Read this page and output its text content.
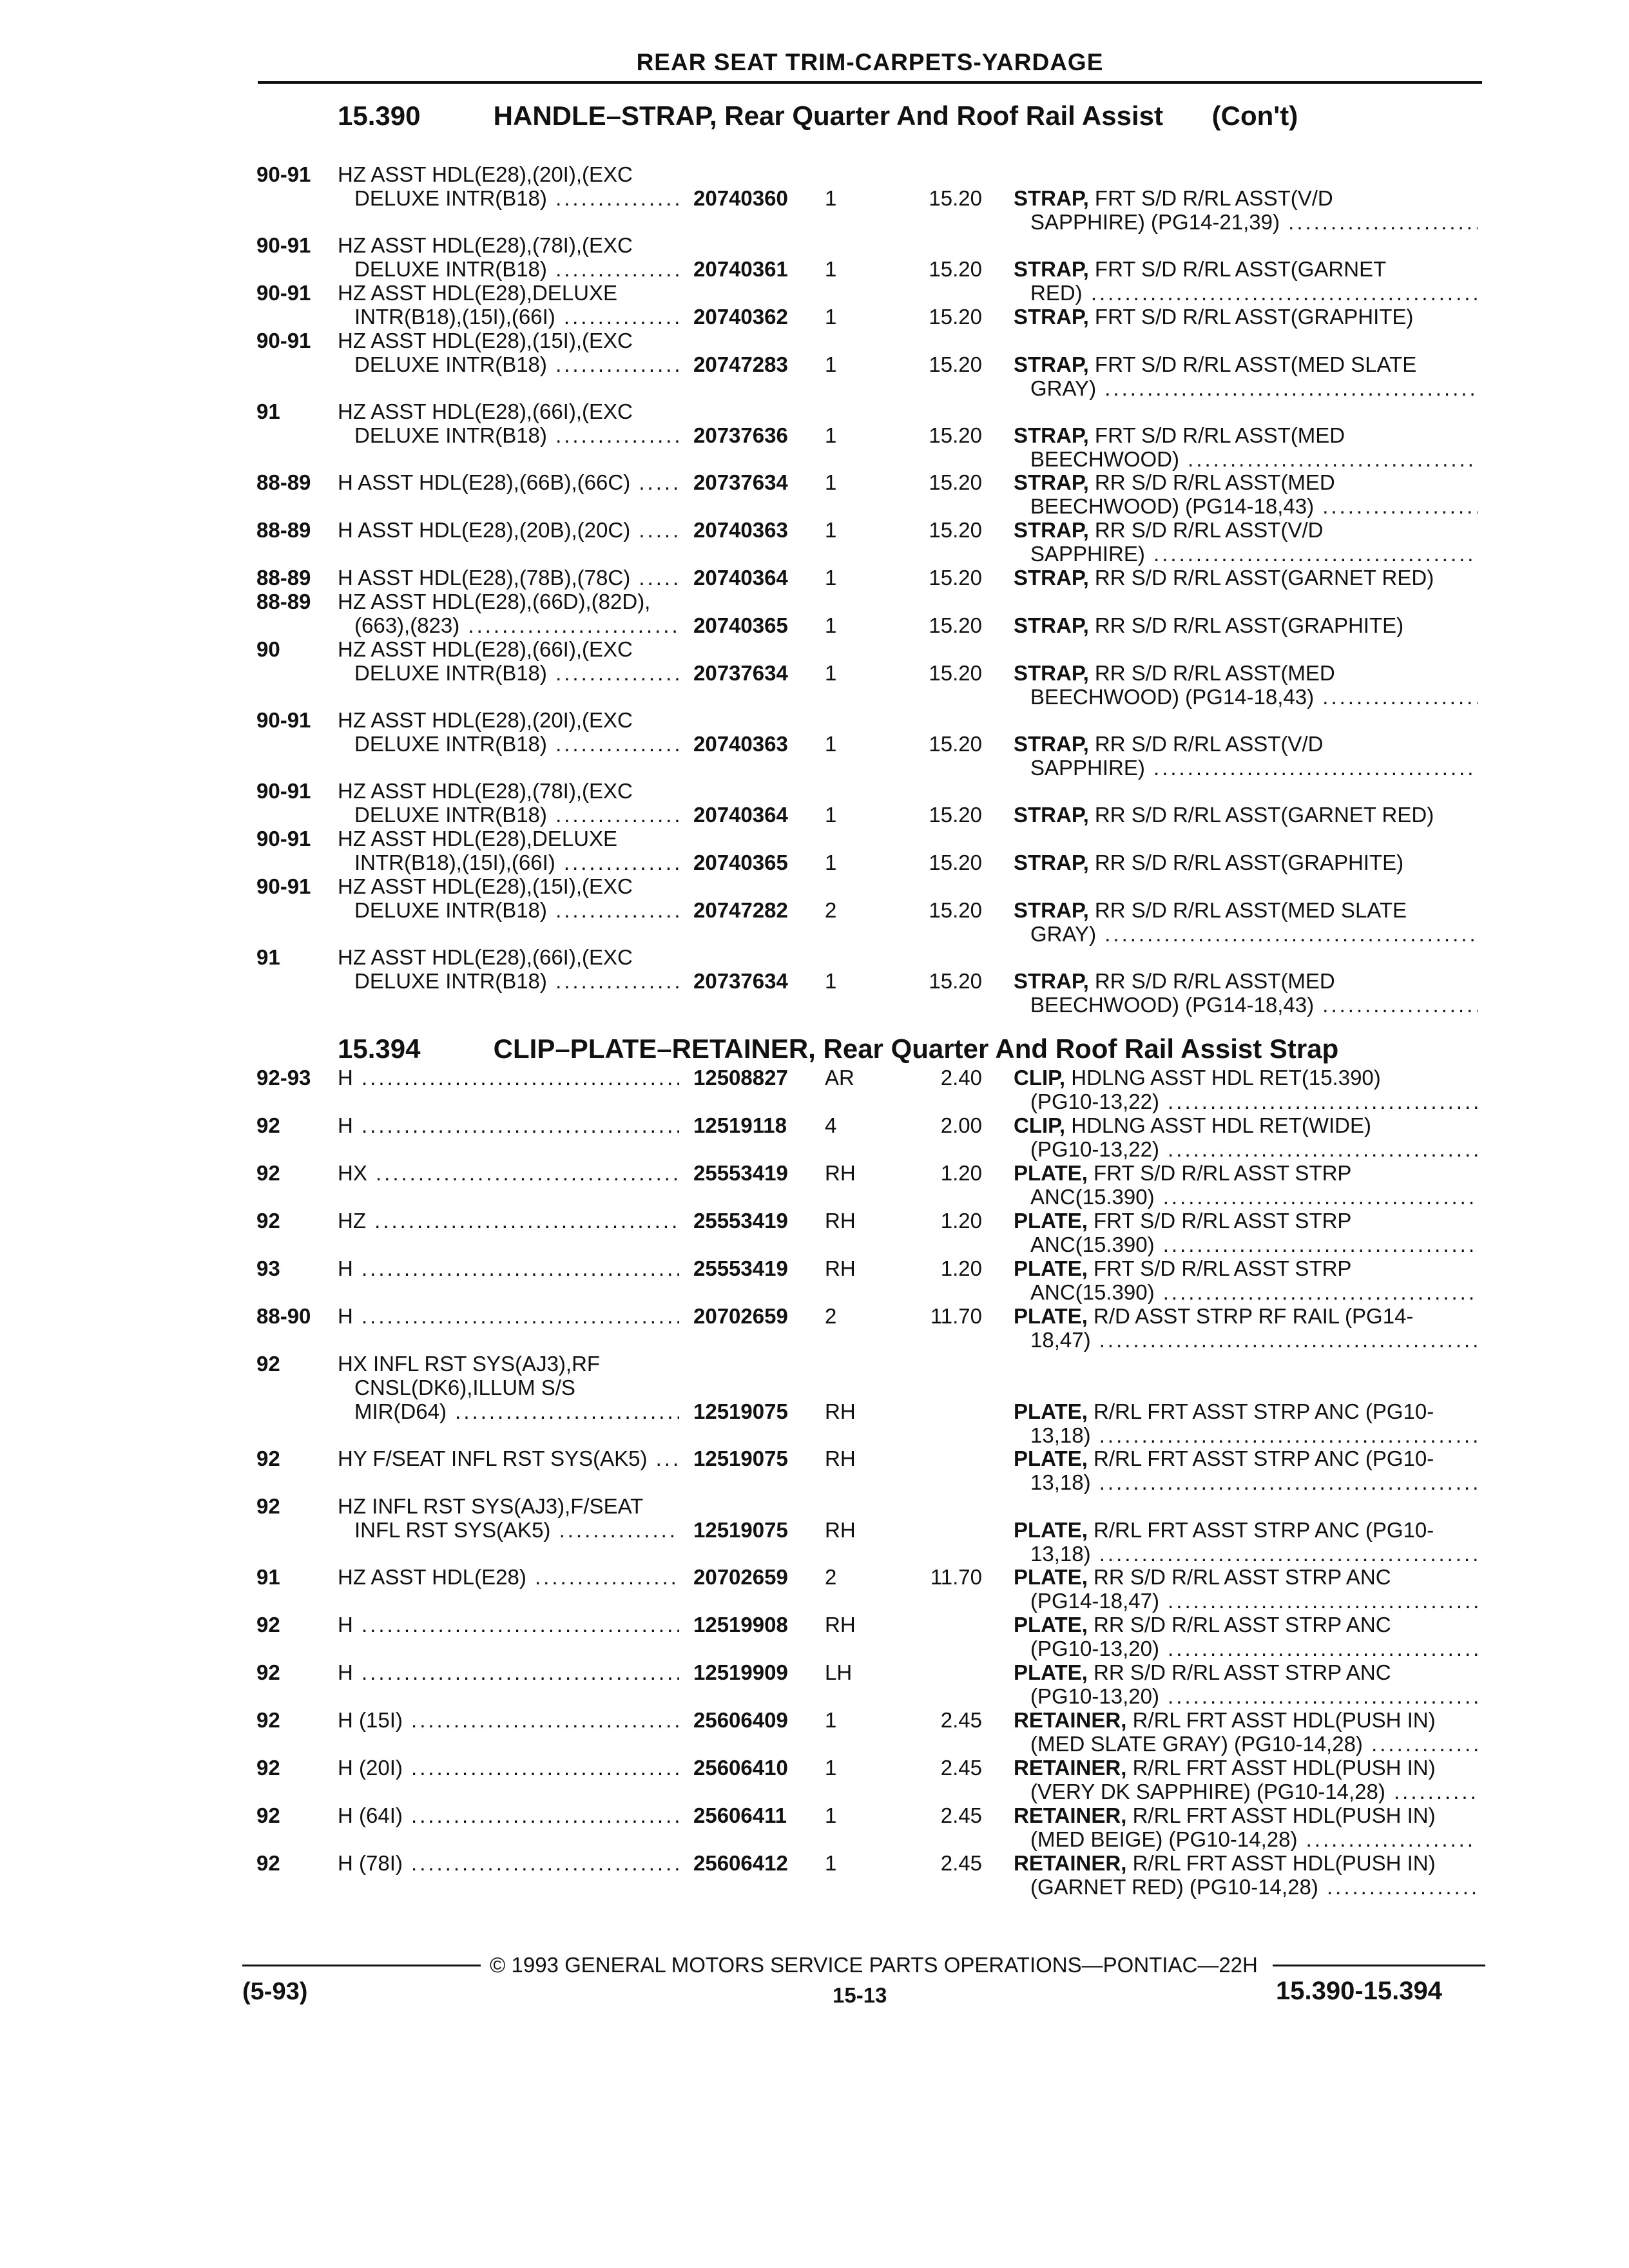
REAR SEAT TRIM-CARPETS-YARDAGE
15.390	HANDLE–STRAP, Rear Quarter And Roof Rail Assist (Con't)
90-91 HZ ASST HDL(E28),(20I),(EXC
DELUXE INTR(B18) .....	20740360 1	15.20 STRAP, FRT S/D R/RL ASST(V/D
SAPPHIRE) (PG14-21,39) .....
90-91 HZ ASST HDL(E28),(78I),(EXC
DELUXE INTR(B18) .....	20740361 1	15.20 STRAP, FRT S/D R/RL ASST(GARNET
RED) .....
90-91 HZ ASST HDL(E28),DELUXE
INTR(B18),(15I),(66I) .....	20740362 1	15.20 STRAP, FRT S/D R/RL ASST(GRAPHITE)
90-91 HZ ASST HDL(E28),(15I),(EXC
DELUXE INTR(B18) .....	20747283 1	15.20 STRAP, FRT S/D R/RL ASST(MED SLATE
GRAY) .....
91	HZ ASST HDL(E28),(66I),(EXC
DELUXE INTR(B18) .....	20737636 1	15.20 STRAP, FRT S/D R/RL ASST(MED
BEECHWOOD) .....
88-89 H ASST HDL(E28),(66B),(66C) .....	20737634 1	15.20 STRAP, RR S/D R/RL ASST(MED
BEECHWOOD) (PG14-18,43) .....
88-89 H ASST HDL(E28),(20B),(20C) .....	20740363 1	15.20 STRAP, RR S/D R/RL ASST(V/D
SAPPHIRE) .....
88-89 H ASST HDL(E28),(78B),(78C) .....	20740364 1	15.20 STRAP, RR S/D R/RL ASST(GARNET RED)
88-89 HZ ASST HDL(E28),(66D),(82D),
(663),(823) .....	20740365 1	15.20 STRAP, RR S/D R/RL ASST(GRAPHITE)
90	HZ ASST HDL(E28),(66I),(EXC
DELUXE INTR(B18) .....	20737634 1	15.20 STRAP, RR S/D R/RL ASST(MED
BEECHWOOD) (PG14-18,43) .....
90-91 HZ ASST HDL(E28),(20I),(EXC
DELUXE INTR(B18) .....	20740363 1	15.20 STRAP, RR S/D R/RL ASST(V/D
SAPPHIRE) .....
90-91 HZ ASST HDL(E28),(78I),(EXC
DELUXE INTR(B18) .....	20740364 1	15.20 STRAP, RR S/D R/RL ASST(GARNET RED)
90-91 HZ ASST HDL(E28),DELUXE
INTR(B18),(15I),(66I) .....	20740365 1	15.20 STRAP, RR S/D R/RL ASST(GRAPHITE)
90-91 HZ ASST HDL(E28),(15I),(EXC
DELUXE INTR(B18) .....	20747282 2	15.20 STRAP, RR S/D R/RL ASST(MED SLATE
GRAY) .....
91	HZ ASST HDL(E28),(66I),(EXC
DELUXE INTR(B18) .....	20737634 1	15.20 STRAP, RR S/D R/RL ASST(MED
BEECHWOOD) (PG14-18,43) .....
15.394	CLIP–PLATE–RETAINER, Rear Quarter And Roof Rail Assist Strap
92-93 H .....	12508827 AR	2.40 CLIP, HDLNG ASST HDL RET(15.390)
(PG10-13,22) .....
92	H .....	12519118 4	2.00 CLIP, HDLNG ASST HDL RET(WIDE)
(PG10-13,22) .....
92	HX .....	25553419 RH	1.20 PLATE, FRT S/D R/RL ASST STRP
ANC(15.390) .....
92	HZ .....	25553419 RH	1.20 PLATE, FRT S/D R/RL ASST STRP
ANC(15.390) .....
93	H .....	25553419 RH	1.20 PLATE, FRT S/D R/RL ASST STRP
ANC(15.390) .....
88-90 H .....	20702659 2	11.70 PLATE, R/D ASST STRP RF RAIL (PG14-
18,47) .....
92	HX INFL RST SYS(AJ3),RF
CNSL(DK6),ILLUM S/S
MIR(D64) .....	12519075 RH	PLATE, R/RL FRT ASST STRP ANC (PG10-
13,18) .....
92	HY F/SEAT INFL RST SYS(AK5) .....	12519075 RH	PLATE, R/RL FRT ASST STRP ANC (PG10-
13,18) .....
92	HZ INFL RST SYS(AJ3),F/SEAT
INFL RST SYS(AK5) .....	12519075 RH	PLATE, R/RL FRT ASST STRP ANC (PG10-
13,18) .....
91	HZ ASST HDL(E28) .....	20702659 2	11.70 PLATE, RR S/D R/RL ASST STRP ANC
(PG14-18,47) .....
92	H .....	12519908 RH	PLATE, RR S/D R/RL ASST STRP ANC
(PG10-13,20) .....
92	H .....	12519909 LH	PLATE, RR S/D R/RL ASST STRP ANC
(PG10-13,20) .....
92	H (15I) .....	25606409 1	2.45 RETAINER, R/RL FRT ASST HDL(PUSH IN)
(MED SLATE GRAY) (PG10-14,28) .....
92	H (20I) .....	25606410 1	2.45 RETAINER, R/RL FRT ASST HDL(PUSH IN)
(VERY DK SAPPHIRE) (PG10-14,28) .....
92	H (64I) .....	25606411 1	2.45 RETAINER, R/RL FRT ASST HDL(PUSH IN)
(MED BEIGE) (PG10-14,28) .....
92	H (78I) .....	25606412 1	2.45 RETAINER, R/RL FRT ASST HDL(PUSH IN)
(GARNET RED) (PG10-14,28) .....
© 1993 GENERAL MOTORS SERVICE PARTS OPERATIONS—PONTIAC—22H
(5-93)	15-13	15.390-15.394
